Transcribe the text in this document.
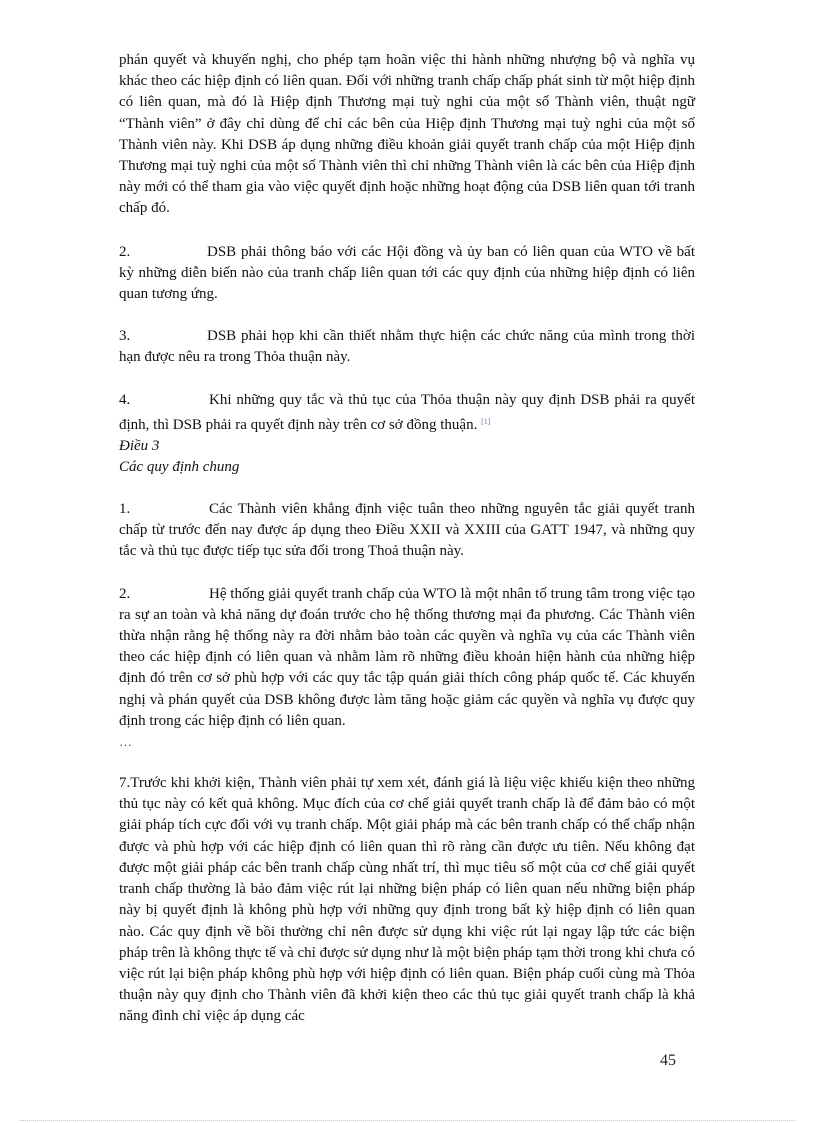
phán quyết và khuyến nghị, cho phép tạm hoãn việc thi hành những nhượng bộ và nghĩa vụ khác theo các hiệp định có liên quan. Đối với những tranh chấp chấp phát sinh từ một hiệp định có liên quan, mà đó là Hiệp định Thương mại tuỳ nghi của một số Thành viên, thuật ngữ “Thành viên” ở đây chỉ dùng để chỉ các bên của Hiệp định Thương mại tuỳ nghi của một số Thành viên này. Khi DSB áp dụng những điều khoản giải quyết tranh chấp của một Hiệp định Thương mại tuỳ nghi của một số Thành viên thì chỉ những Thành viên là các bên của Hiệp định này mới có thể tham gia vào việc quyết định hoặc những hoạt động của DSB liên quan tới tranh chấp đó.

2.	DSB phải thông báo với các Hội đồng và ủy ban có liên quan của WTO về bất kỳ những diễn biến nào của tranh chấp liên quan tới các quy định của những hiệp định có liên quan tương ứng.

3.	DSB phải họp khi cần thiết nhằm thực hiện các chức năng của mình trong thời hạn được nêu ra trong Thỏa thuận này.

4.	Khi những quy tắc và thủ tục của Thỏa thuận này quy định DSB phải ra quyết định, thì DSB phải ra quyết định này trên cơ sở đồng thuận. [1]

Điều 3

Các quy định chung

1.	Các Thành viên khẳng định việc tuân theo những nguyên tắc giải quyết tranh chấp từ trước đến nay được áp dụng theo Điều XXII và XXIII của GATT 1947, và những quy tắc và thủ tục được tiếp tục sửa đổi trong Thoả thuận này.

2.	Hệ thống giải quyết tranh chấp của WTO là một nhân tố trung tâm trong việc tạo ra sự an toàn và khả năng dự đoán trước cho hệ thống thương mại đa phương. Các Thành viên thừa nhận rằng hệ thống này ra đời nhằm bảo toàn các quyền và nghĩa vụ của các Thành viên theo các hiệp định có liên quan và nhằm làm rõ những điều khoản hiện hành của những hiệp định đó trên cơ sở phù hợp với các quy tắc tập quán giải thích công pháp quốc tế. Các khuyến nghị và phán quyết của DSB không được làm tăng hoặc giảm các quyền và nghĩa vụ được quy định trong các hiệp định có liên quan.

…

7.Trước khi khởi kiện, Thành viên phải tự xem xét, đánh giá là liệu việc khiếu kiện theo những thủ tục này có kết quả không. Mục đích của cơ chế giải quyết tranh chấp là để đảm bảo có một giải pháp tích cực đối với vụ tranh chấp. Một giải pháp mà các bên tranh chấp có thể chấp nhận được và phù hợp với các hiệp định có liên quan thì rõ ràng cần được ưu tiên. Nếu không đạt được một giải pháp các bên tranh chấp cùng nhất trí, thì mục tiêu số một của cơ chế giải quyết tranh chấp thường là bảo đảm việc rút lại những biện pháp có liên quan nếu những biện pháp này bị quyết định là không phù hợp với những quy định trong bất kỳ hiệp định có liên quan nào. Các quy định về bồi thường chỉ nên được sử dụng khi việc rút lại ngay lập tức các biện pháp trên là không thực tế và chỉ được sử dụng như là một biện pháp tạm thời trong khi chưa có việc rút lại biện pháp không phù hợp với hiệp định có liên quan. Biện pháp cuối cùng mà Thỏa thuận này quy định cho Thành viên đã khởi kiện theo các thủ tục giải quyết tranh chấp là khả năng đình chỉ việc áp dụng các

45
